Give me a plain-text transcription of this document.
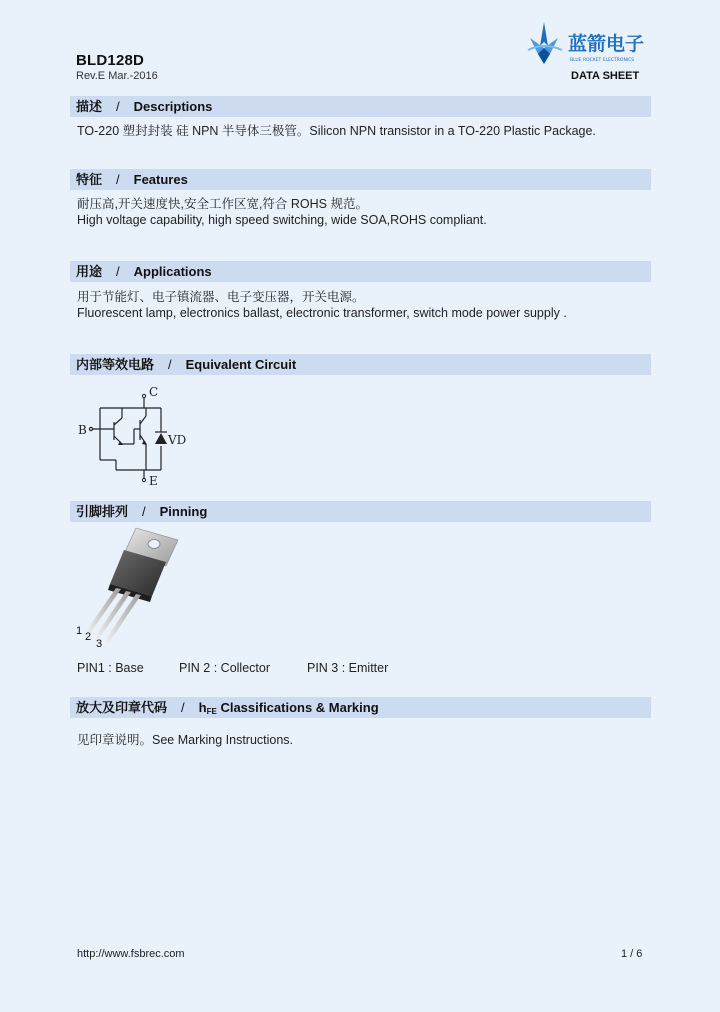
BLD128D
Rev.E Mar.-2016
蓝箭电子
BLUE ROCKET ELECTRONICS
DATA SHEET
描述 / Descriptions
TO-220 塑封封装 硅 NPN 半导体三极管。Silicon NPN transistor in a TO-220 Plastic Package.
特征 / Features
耐压高,开关速度快,安全工作区宽,符合 ROHS 规范。
High voltage capability, high speed switching, wide SOA,ROHS compliant.
用途 / Applications
用于节能灯、电子镇流器、电子变压器，开关电源。
Fluorescent lamp, electronics ballast, electronic transformer, switch mode power supply .
内部等效电路 / Equivalent Circuit
B
C
E
VD
引脚排列 / Pinning
1 2
3
PIN1 : Base	PIN 2 : Collector	PIN 3 : Emitter
放大及印章代码 / hFE Classifications & Marking
见印章说明。See Marking Instructions.
http://www.fsbrec.com	1 / 6
